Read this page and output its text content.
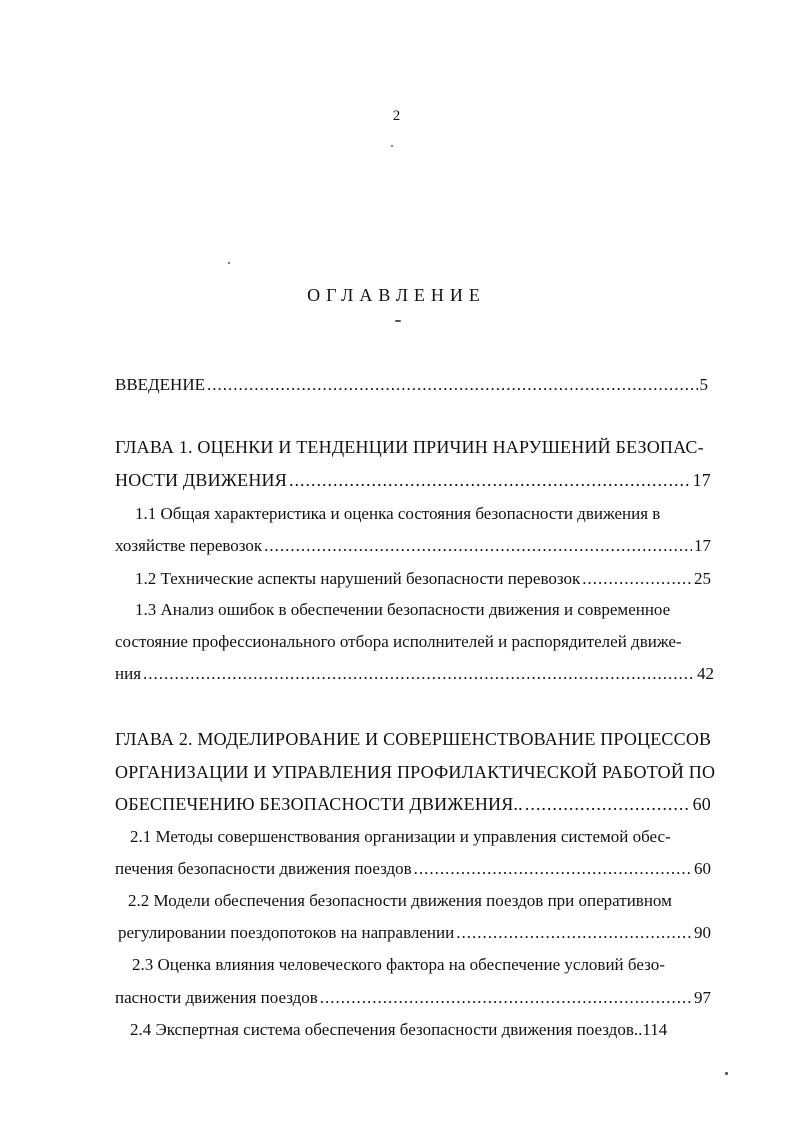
2
ОГЛАВЛЕНИЕ
ВВЕДЕНИЕ .....	5
ГЛАВА 1. ОЦЕНКИ И ТЕНДЕНЦИИ ПРИЧИН НАРУШЕНИЙ БЕЗОПАС-
НОСТИ ДВИЖЕНИЯ .....	17
1.1 Общая характеристика и оценка состояния безопасности движения в
хозяйстве перевозок .....	17
1.2 Технические аспекты нарушений безопасности перевозок .....	25
1.3 Анализ ошибок в обеспечении безопасности движения и современное
состояние профессионального отбора исполнителей и распорядителей движе-
ния .....	42
ГЛАВА 2. МОДЕЛИРОВАНИЕ И СОВЕРШЕНСТВОВАНИЕ ПРОЦЕССОВ
ОРГАНИЗАЦИИ И УПРАВЛЕНИЯ ПРОФИЛАКТИЧЕСКОЙ РАБОТОЙ ПО
ОБЕСПЕЧЕНИЮ БЕЗОПАСНОСТИ ДВИЖЕНИЯ.. .....	60
2.1 Методы совершенствования организации и управления системой обес-
печения безопасности движения поездов .....	60
2.2 Модели обеспечения безопасности движения поездов при оперативном
регулировании поездопотоков на направлении .....	90
2.3 Оценка влияния человеческого фактора на обеспечение условий безо-
пасности движения поездов .....	97
2.4 Экспертная система обеспечения безопасности движения поездов.. 114
